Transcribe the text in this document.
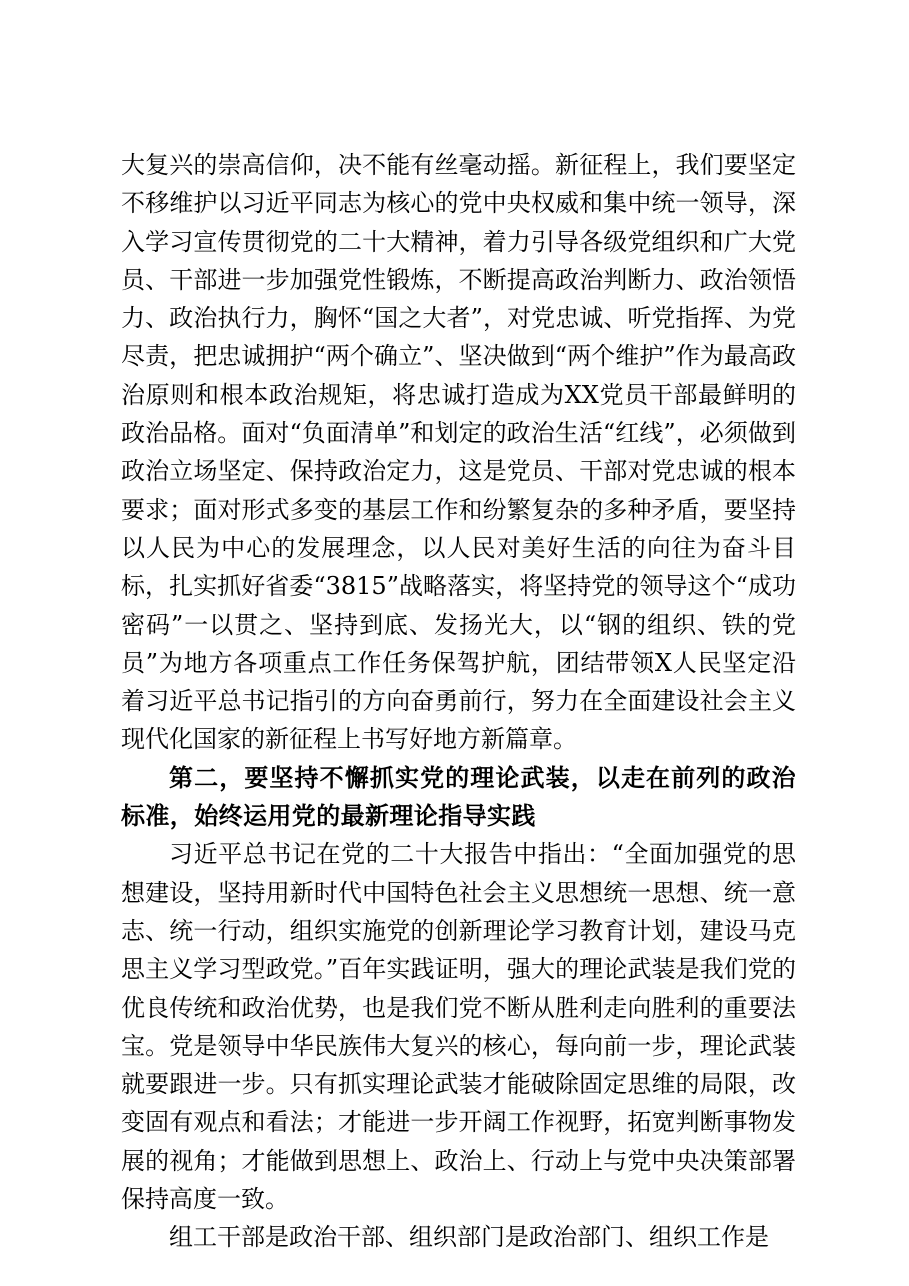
大复兴的崇高信仰，决不能有丝毫动摇。新征程上，我们要坚定不移维护以习近平同志为核心的党中央权威和集中统一领导，深入学习宣传贯彻党的二十大精神，着力引导各级党组织和广大党员、干部进一步加强党性锻炼，不断提高政治判断力、政治领悟力、政治执行力，胸怀“国之大者”，对党忠诚、听党指挥、为党尽责，把忠诚拥护“两个确立”、坚决做到“两个维护”作为最高政治原则和根本政治规矩，将忠诚打造成为XX党员干部最鲜明的政治品格。面对“负面清单”和划定的政治生活“红线”，必须做到政治立场坚定、保持政治定力，这是党员、干部对党忠诚的根本要求；面对形式多变的基层工作和纷繁复杂的多种矛盾，要坚持以人民为中心的发展理念，以人民对美好生活的向往为奋斗目标，扎实抓好省委“3815”战略落实，将坚持党的领导这个“成功密码”一以贯之、坚持到底、发扬光大，以“钢的组织、铁的党员”为地方各项重点工作任务保驾护航，团结带领X人民坚定沿着习近平总书记指引的方向奋勇前行，努力在全面建设社会主义现代化国家的新征程上书写好地方新篇章。

第二，要坚持不懈抓实党的理论武装，以走在前列的政治标准，始终运用党的最新理论指导实践

习近平总书记在党的二十大报告中指出：“全面加强党的思想建设，坚持用新时代中国特色社会主义思想统一思想、统一意志、统一行动，组织实施党的创新理论学习教育计划，建设马克思主义学习型政党。”百年实践证明，强大的理论武装是我们党的优良传统和政治优势，也是我们党不断从胜利走向胜利的重要法宝。党是领导中华民族伟大复兴的核心，每向前一步，理论武装就要跟进一步。只有抓实理论武装才能破除固定思维的局限，改变固有观点和看法；才能进一步开阔工作视野，拓宽判断事物发展的视角；才能做到思想上、政治上、行动上与党中央决策部署保持高度一致。

组工干部是政治干部、组织部门是政治部门、组织工作是
